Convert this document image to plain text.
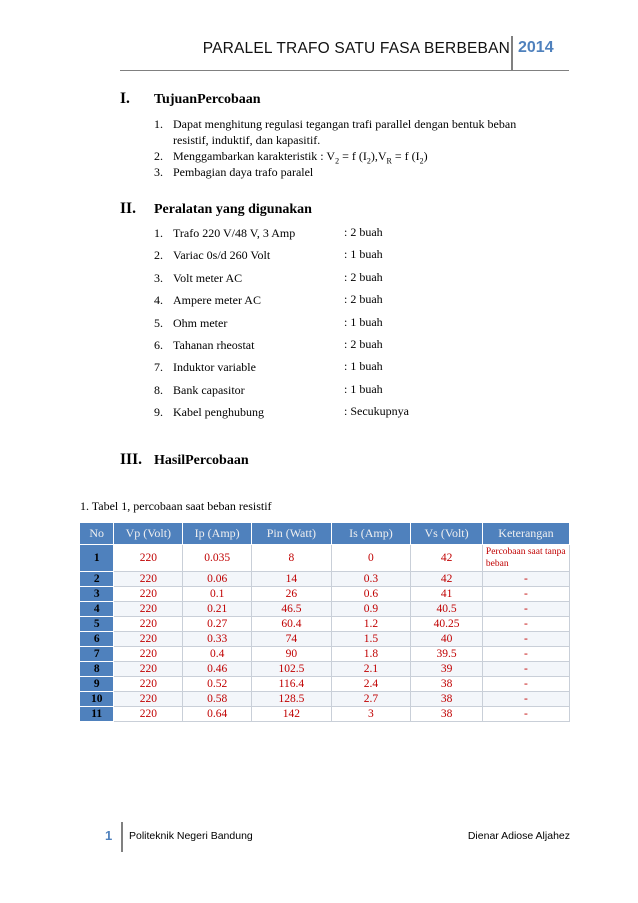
PARALEL TRAFO SATU FASA BERBEBAN 2014
I. TujuanPercobaan
1. Dapat menghitung regulasi tegangan trafi parallel dengan bentuk beban
resistif, induktif, dan kapasitif.
2. Menggambarkan karakteristik : $V_2 = f$ $(I_2),V_R = f$ $(I_2)$
3. Pembagian daya trafo paralel
II. Peralatan yang digunakan
1. Trafo 220 V/48 V, 3 Amp	: 2 buah
2. Variac 0s/d 260 Volt	: 1 buah
3. Volt meter AC	: 2 buah
4. Ampere meter AC	: 2 buah
5. Ohm meter	: 1 buah
6. Tahanan rheostat	: 2 buah
7. Induktor variable	: 1 buah
8. Bank capasitor	: 1 buah
9. Kabel penghubung	: Secukupnya
III. HasilPercobaan
1. Tabel 1, percobaan saat beban resistif
No	Vp (Volt)	Ip (Amp)	Pin (Watt)	Is (Amp)	Vs (Volt)	Keterangan
1	220	0.035	8	0	42	Percobaan saat tanpa beban
2	220	0.06	14	0.3	42	-
3	220	0.1	26	0.6	41	-
4	220	0.21	46.5	0.9	40.5	-
5	220	0.27	60.4	1.2	40.25	-
6	220	0.33	74	1.5	40	-
7	220	0.4	90	1.8	39.5	-
8	220	0.46	102.5	2.1	39	-
9	220	0.52	116.4	2.4	38	-
10	220	0.58	128.5	2.7	38	-
11	220	0.64	142	3	38	-
1 Politeknik Negeri Bandung	Dienar Adiose Aljahez
